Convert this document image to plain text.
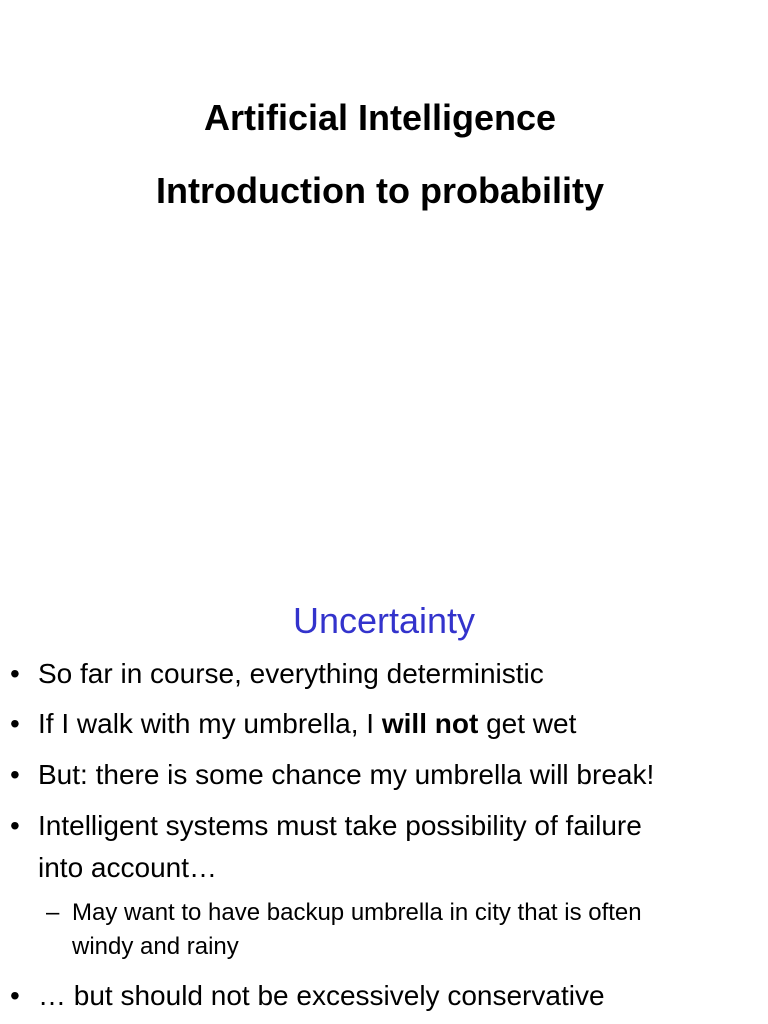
Artificial Intelligence
Introduction to probability
Uncertainty
• So far in course, everything deterministic
• If I walk with my umbrella, I will not get wet
• But: there is some chance my umbrella will break!
• Intelligent systems must take possibility of failure
into account…
– May want to have backup umbrella in city that is often
windy and rainy
• … but should not be excessively conservative
